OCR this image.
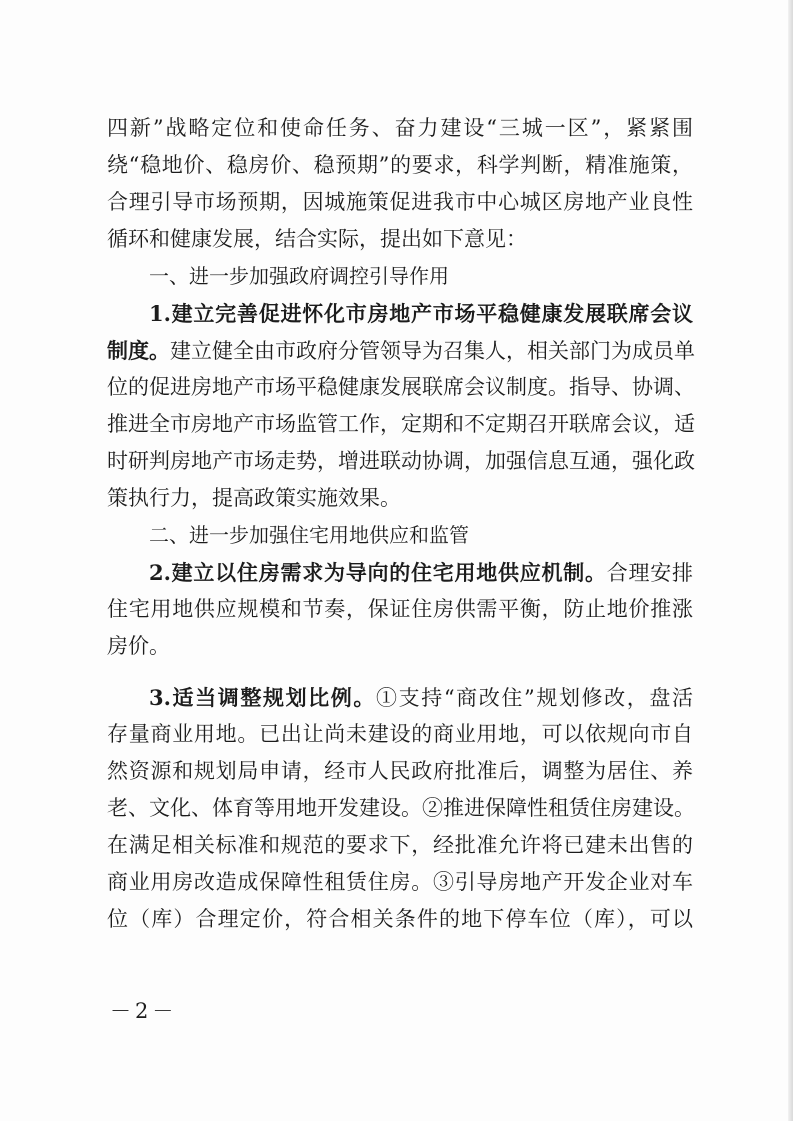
四新”战略定位和使命任务、奋力建设“三城一区”，紧紧围
绕“稳地价、稳房价、稳预期”的要求，科学判断，精准施策，
合理引导市场预期，因城施策促进我市中心城区房地产业良性
循环和健康发展，结合实际，提出如下意见：
一、进一步加强政府调控引导作用
1.建立完善促进怀化市房地产市场平稳健康发展联席会议
制度。建立健全由市政府分管领导为召集人，相关部门为成员单
位的促进房地产市场平稳健康发展联席会议制度。指导、协调、
推进全市房地产市场监管工作，定期和不定期召开联席会议，适
时研判房地产市场走势，增进联动协调，加强信息互通，强化政
策执行力，提高政策实施效果。
二、进一步加强住宅用地供应和监管
2.建立以住房需求为导向的住宅用地供应机制。合理安排
住宅用地供应规模和节奏，保证住房供需平衡，防止地价推涨
房价。
3.适当调整规划比例。①支持“商改住”规划修改，盘活
存量商业用地。已出让尚未建设的商业用地，可以依规向市自
然资源和规划局申请，经市人民政府批准后，调整为居住、养
老、文化、体育等用地开发建设。②推进保障性租赁住房建设。
在满足相关标准和规范的要求下，经批准允许将已建未出售的
商业用房改造成保障性租赁住房。③引导房地产开发企业对车
位（库）合理定价，符合相关条件的地下停车位（库），可以
－2－
